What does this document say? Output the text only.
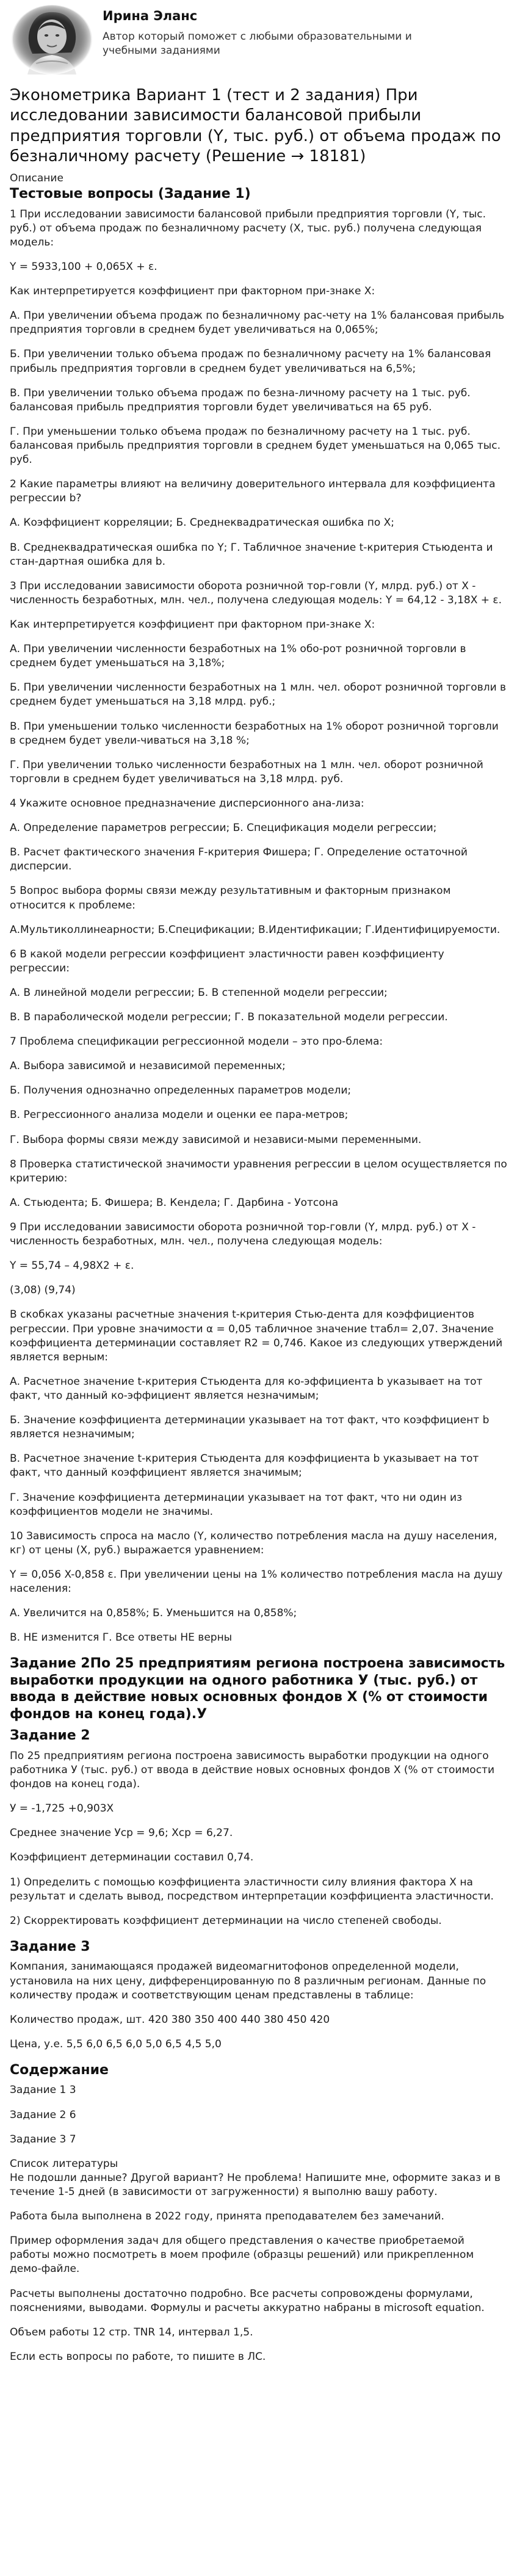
Ирина Эланс
Автор который поможет с любыми образовательными и
учебными заданиями
Эконометрика Вариант 1 (тест и 2 задания) При исследовании зависимости балансовой прибыли предприятия торговли (Y, тыс. руб.) от объема продаж по безналичному расчету (Решение → 18181)
Описание
Тестовые вопросы (Задание 1)

1 При исследовании зависимости балансовой прибыли предприятия торговли (Y, тыс. руб.) от объема продаж по безналичному расчету (X, тыс. руб.) получена следующая модель:

Y = 5933,100 + 0,065X + ε.

Как интерпретируется коэффициент при факторном при-знаке X:

А. При увеличении объема продаж по безналичному рас-чету на 1% балансовая прибыль предприятия торговли в среднем будет увеличиваться на 0,065%;

Б. При увеличении только объема продаж по безналичному расчету на 1% балансовая прибыль предприятия торговли в среднем будет увеличиваться на 6,5%;

В. При увеличении только объема продаж по безна-личному расчету на 1 тыс. руб. балансовая прибыль предприятия торговли будет увеличиваться на 65 руб.

Г. При уменьшении только объема продаж по безналичному расчету на 1 тыс. руб. балансовая прибыль предприятия торговли в среднем будет уменьшаться на 0,065 тыс. руб.

2 Какие параметры влияют на величину доверительного интервала для коэффициента регрессии b?

А. Коэффициент корреляции; Б. Среднеквадратическая ошибка по X;

В. Среднеквадратическая ошибка по Y; Г. Табличное значение t-критерия Стьюдента и стан-дартная ошибка для b.

3 При исследовании зависимости оборота розничной тор-говли (Y, млрд. руб.) от X - численность безработных, млн. чел., получена следующая модель: Y = 64,12 - 3,18X + ε.

Как интерпретируется коэффициент при факторном при-знаке X:

А. При увеличении численности безработных на 1% обо-рот розничной торговли в среднем будет уменьшаться на 3,18%;

Б. При увеличении численности безработных на 1 млн. чел. оборот розничной торговли в среднем будет уменьшаться на 3,18 млрд. руб.;

В. При уменьшении только численности безработных на 1% оборот розничной торговли в среднем будет увели-чиваться на 3,18 %;

Г. При увеличении только численности безработных на 1 млн. чел. оборот розничной торговли в среднем будет увеличиваться на 3,18 млрд. руб.

4 Укажите основное предназначение дисперсионного ана-лиза:

А. Определение параметров регрессии; Б. Спецификация модели регрессии;

В. Расчет фактического значения F-критерия Фишера; Г. Определение остаточной дисперсии.

5 Вопрос выбора формы связи между результативным и факторным признаком относится к проблеме:

А.Мультиколлинеарности; Б.Спецификации; В.Идентификации; Г.Идентифицируемости.

6 В какой модели регрессии коэффициент эластичности равен коэффициенту регрессии:

А. В линейной модели регрессии; Б. В степенной модели регрессии;

В. В параболической модели регрессии; Г. В показательной модели регрессии.

7 Проблема спецификации регрессионной модели – это про-блема:

А. Выбора зависимой и независимой переменных;

Б. Получения однозначно определенных параметров модели;

В. Регрессионного анализа модели и оценки ее пара-метров;

Г. Выбора формы связи между зависимой и независи-мыми переменными.

8 Проверка статистической значимости уравнения регрессии в целом осуществляется по критерию:

А. Стьюдента; Б. Фишера; В. Кендела; Г. Дарбина - Уотсона

9 При исследовании зависимости оборота розничной тор-говли (Y, млрд. руб.) от X - численность безработных, млн. чел., получена следующая модель:

Y = 55,74 – 4,98X2 + ε.

(3,08) (9,74)

В скобках указаны расчетные значения t-критерия Стью-дента для коэффициентов регрессии. При уровне значимости α = 0,05 табличное значение tтабл= 2,07. Значение коэффициента детерминации составляет R2 = 0,746. Какое из следующих утверждений является верным:

А. Расчетное значение t-критерия Стьюдента для ко-эффициента b указывает на тот факт, что данный ко-эффициент является незначимым;

Б. Значение коэффициента детерминации указывает на тот факт, что коэффициент b является незначимым;

В. Расчетное значение t-критерия Стьюдента для коэффициента b указывает на тот факт, что данный коэффициент является значимым;

Г. Значение коэффициента детерминации указывает на тот факт, что ни один из коэффициентов модели не значимы.

10 Зависимость спроса на масло (Y, количество потребления масла на душу населения, кг) от цены (X, руб.) выражается уравнением:

Y = 0,056 X-0,858 ε. При увеличении цены на 1% количество потребления масла на душу населения:

А. Увеличится на 0,858%; Б. Уменьшится на 0,858%;

В. НЕ изменится Г. Все ответы НЕ верны

Задание 2По 25 предприятиям региона построена зависимость выработки продукции на одного работника У (тыс. руб.) от ввода в действие новых основных фондов Х (% от стоимости фондов на конец года).У
Задание 2

По 25 предприятиям региона построена зависимость выработки продукции на одного работника У (тыс. руб.) от ввода в действие новых основных фондов Х (% от стоимости фондов на конец года).

У = -1,725 +0,903Х

Среднее значение Уср = 9,6; Хср = 6,27.

Коэффициент детерминации составил 0,74.

1) Определить с помощью коэффициента эластичности силу влияния фактора Х на результат и сделать вывод, посредством интерпретации коэффициента эластичности.

2) Скорректировать коэффициент детерминации на число степеней свободы.

Задание 3

Компания, занимающаяся продажей видеомагнитофонов определенной модели, установила на них цену, дифференцированную по 8 различным регионам. Данные по количеству продаж и соответствующим ценам представлены в таблице:

Количество продаж, шт. 420 380 350 400 440 380 450 420

Цена, у.е. 5,5 6,0 6,5 6,0 5,0 6,5 4,5 5,0

Содержание

Задание 1 3

Задание 2 6

Задание 3 7

Список литературы

Не подошли данные? Другой вариант? Не проблема! Напишите мне, оформите заказ и в течение 1-5 дней (в зависимости от загруженности) я выполню вашу работу.

Работа была выполнена в 2022 году, принята преподавателем без замечаний.

Пример оформления задач для общего представления о качестве приобретаемой работы можно посмотреть в моем профиле (образцы решений) или прикрепленном демо-файле.

Расчеты выполнены достаточно подробно. Все расчеты сопровождены формулами, пояснениями, выводами. Формулы и расчеты аккуратно набраны в microsoft equation.

Объем работы 12 стр. TNR 14, интервал 1,5.

Если есть вопросы по работе, то пишите в ЛС.
